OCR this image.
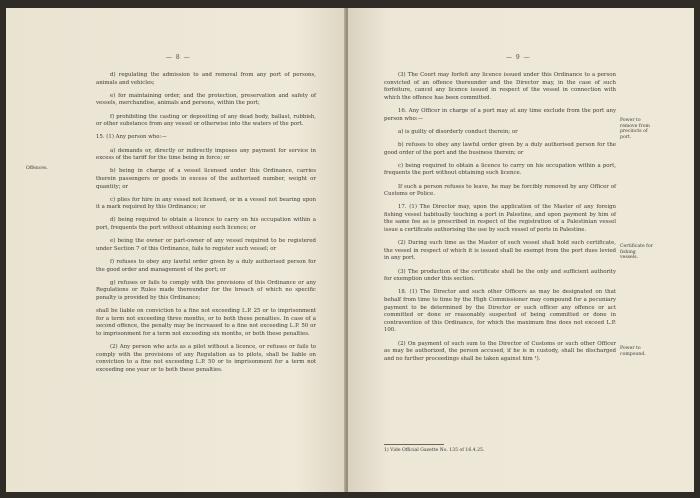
— 8 —
Offences.

d) regulating the admission to and removal from any port of persons, animals and vehicles;

e) for maintaining order, and the protection, preservation and safety of vessels, merchandise, animals and persons, within the port;

f) prohibiting the casting or depositing of any dead body, ballast, rubbish, or other substance from any vessel or otherwise into the waters of the port.

15. (1) Any person who:—

a) demands or, directly or indirectly imposes any payment for service in excess of the tariff for the time being in force; or

b) being in charge of a vessel licensed under this Ordinance, carries therein passengers or goods in excess of the authorised number, weight or quantity; or

c) plies for hire in any vessel not licensed, or in a vessel not bearing upon it a mark required by this Ordinance; or

d) being required to obtain a licence to carry on his occupation within a port, frequents the port without obtaining such licence; or

e) being the owner or part-owner of any vessel required to be registered under Section 7 of this Ordinance, fails to register such vessel; or

f) refuses to obey any lawful order given by a duly authorised person for the good order and management of the port; or

g) refuses or fails to comply with the provisions of this Ordinance or any Regulations or Rules made thereunder for the breach of which no specific penalty is provided by this Ordinance;

shall be liable on conviction to a fine not exceeding L.P. 25 or to imprisonment for a term not exceeding three months, or to both these penalties. In case of a second offence, the penalty may be increased to a fine not exceeding L.P. 50 or to imprisonment for a term not exceeding six months, or both these penalties.

(2) Any person who acts as a pilot without a licence, or refuses or fails to comply with the provisions of any Regulation as to pilots, shall be liable on conviction to a fine not exceeding L.P. 50 or to imprisonment for a term not exceeding one year or to both these penalties.

— 9 —
Power to remove from precincts of port.
Certificate for fishing vessels.
Power to compound.

(3) The Court may forfeit any licence issued under this Ordinance to a person convicted of an offence thereunder and the Director may, in the case of such forfeiture, cancel any licence issued in respect of the vessel in connection with which the offence has been committed.

16. Any Officer in charge of a port may at any time exclude from the port any person who:—

a) is guilty of disorderly conduct therein; or

b) refuses to obey any lawful order given by a duly authorised person for the good order of the port and the business therein; or

c) being required to obtain a licence to carry on his occupation within a port, frequents the port without obtaining such licence.

If such a person refuses to leave, he may be forcibly removed by any Officer of Customs or Police.

17. (1) The Director may, upon the application of the Master of any foreign fishing vessel habitually touching a port in Palestine, and upon payment by him of the same fee as is prescribed in respect of the registration of a Palestinian vessel issue a certificate authorising the use by such vessel of ports in Palestine.

(2) During such time as the Master of such vessel shall hold such certificate, the vessel in respect of which it is issued shall be exempt from the port dues levied in any port.

(3) The production of the certificate shall be the only and sufficient authority for exemption under this section.

18. (1) The Director and such other Officers as may be designated on that behalf from time to time by the High Commissioner may compound for a pecuniary payment to be determined by the Director or such officer any offence or act committed or done or reasonably suspected of being committed or done in contravention of this Ordinance, for which the maximum fine does not exceed L.P. 100.

(2) On payment of such sum to the Director of Customs or such other Officer as may be authorized, the person accused, if he is in custody, shall be discharged and no further proceedings shall be taken against him ¹).

1) Vide Official Gazette No. 135 of 16.4.25.
